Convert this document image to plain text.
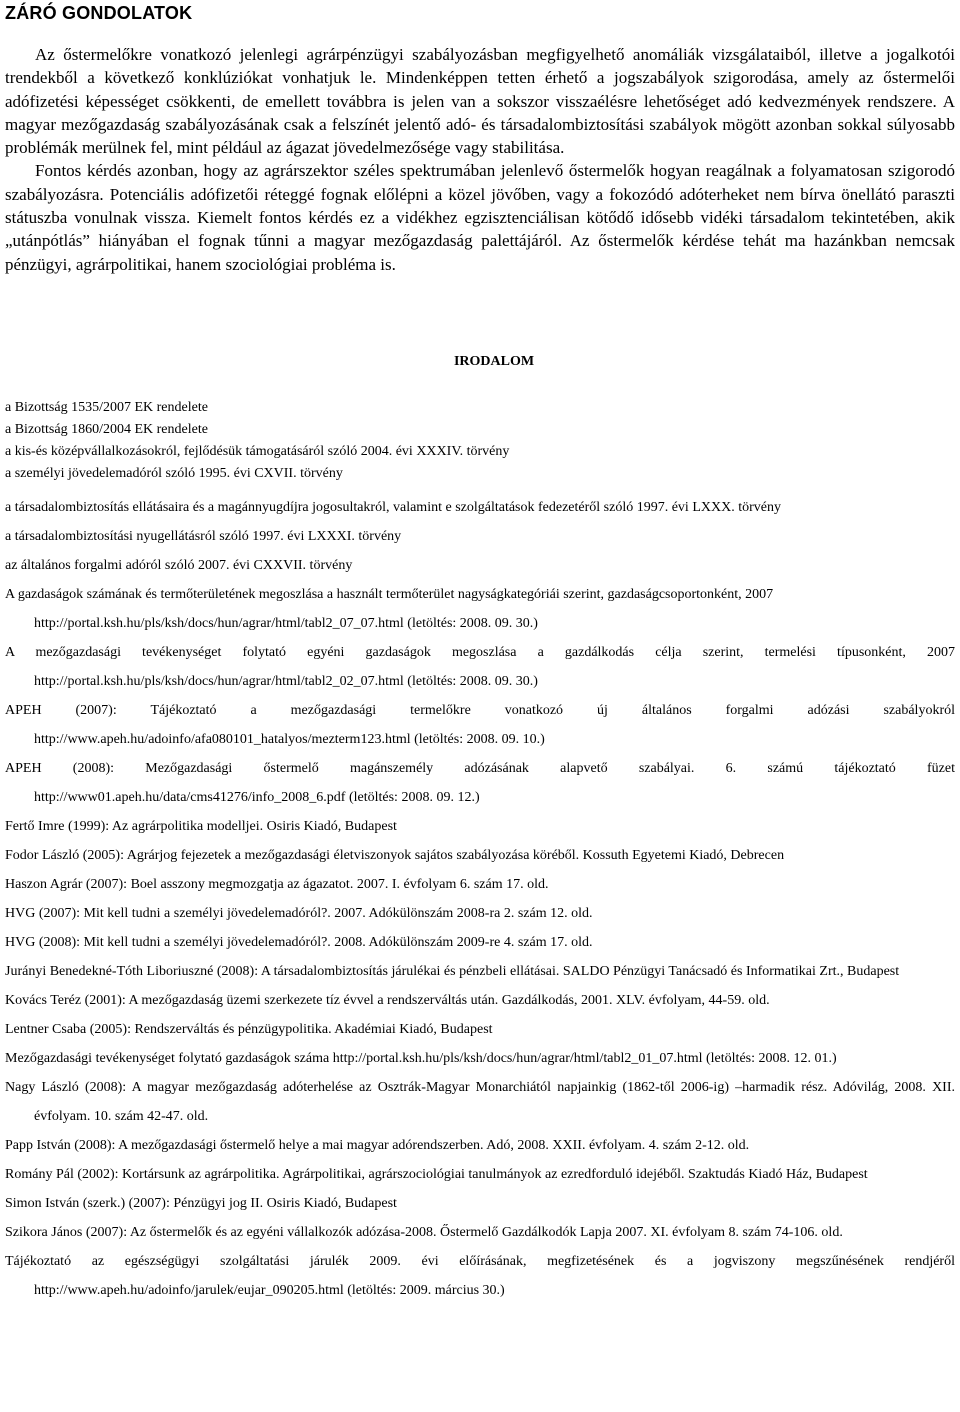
ZÁRÓ GONDOLATOK

Az őstermelőkre vonatkozó jelenlegi agrárpénzügyi szabályozásban megfigyelhető anomáliák vizsgálataiból, illetve a jogalkotói trendekből a következő konklúziókat vonhatjuk le. Mindenképpen tetten érhető a jogszabályok szigorodása, amely az őstermelői adófizetési képességet csökkenti, de emellett továbbra is jelen van a sokszor visszaélésre lehetőséget adó kedvezmények rendszere. A magyar mezőgazdaság szabályozásának csak a felszínét jelentő adó- és társadalombiztosítási szabályok mögött azonban sokkal súlyosabb problémák merülnek fel, mint például az ágazat jövedelmezősége vagy stabilitása.

Fontos kérdés azonban, hogy az agrárszektor széles spektrumában jelenlevő őstermelők hogyan reagálnak a folyamatosan szigorodó szabályozásra. Potenciális adófizetői réteggé fognak előlépni a közel jövőben, vagy a fokozódó adóterheket nem bírva önellátó paraszti státuszba vonulnak vissza. Kiemelt fontos kérdés ez a vidékhez egzisztenciálisan kötődő idősebb vidéki társadalom tekintetében, akik „utánpótlás” hiányában el fognak tűnni a magyar mezőgazdaság palettájáról. Az őstermelők kérdése tehát ma hazánkban nemcsak pénzügyi, agrárpolitikai, hanem szociológiai probléma is.

IRODALOM
a Bizottság 1535/2007 EK rendelete
a Bizottság 1860/2004 EK rendelete
a kis-és középvállalkozásokról, fejlődésük támogatásáról szóló 2004. évi XXXIV. törvény
a személyi jövedelemadóról szóló 1995. évi CXVII. törvény
a társadalombiztosítás ellátásaira és a magánnyugdíjra jogosultakról, valamint e szolgáltatások fedezetéről szóló 1997. évi LXXX. törvény
a társadalombiztosítási nyugellátásról szóló 1997. évi LXXXI. törvény
az általános forgalmi adóról szóló 2007. évi CXXVII. törvény
A gazdaságok számának és termőterületének megoszlása a használt termőterület nagyságkategóriái szerint, gazdaságcsoportonként, 2007
http://portal.ksh.hu/pls/ksh/docs/hun/agrar/html/tabl2_07_07.html (letöltés: 2008. 09. 30.)
A mezőgazdasági tevékenységet folytató egyéni gazdaságok megoszlása a gazdálkodás célja szerint, termelési típusonként, 2007
http://portal.ksh.hu/pls/ksh/docs/hun/agrar/html/tabl2_02_07.html (letöltés: 2008. 09. 30.)
APEH (2007): Tájékoztató a mezőgazdasági termelőkre vonatkozó új általános forgalmi adózási szabályokról
http://www.apeh.hu/adoinfo/afa080101_hatalyos/mezterm123.html (letöltés: 2008. 09. 10.)
APEH (2008): Mezőgazdasági őstermelő magánszemély adózásának alapvető szabályai. 6. számú tájékoztató füzet
http://www01.apeh.hu/data/cms41276/info_2008_6.pdf (letöltés: 2008. 09. 12.)
Fertő Imre (1999): Az agrárpolitika modelljei. Osiris Kiadó, Budapest
Fodor László (2005): Agrárjog fejezetek a mezőgazdasági életviszonyok sajátos szabályozása köréből. Kossuth Egyetemi Kiadó, Debrecen
Haszon Agrár (2007): Boel asszony megmozgatja az ágazatot. 2007. I. évfolyam 6. szám 17. old.
HVG (2007): Mit kell tudni a személyi jövedelemadóról?. 2007. Adókülönszám 2008-ra 2. szám 12. old.
HVG (2008): Mit kell tudni a személyi jövedelemadóról?. 2008. Adókülönszám 2009-re 4. szám 17. old.
Jurányi Benedekné-Tóth Liboriuszné (2008): A társadalombiztosítás járulékai és pénzbeli ellátásai. SALDO Pénzügyi Tanácsadó és Informatikai Zrt., Budapest
Kovács Teréz (2001): A mezőgazdaság üzemi szerkezete tíz évvel a rendszerváltás után. Gazdálkodás, 2001. XLV. évfolyam, 44-59. old.
Lentner Csaba (2005): Rendszerváltás és pénzügypolitika. Akadémiai Kiadó, Budapest
Mezőgazdasági tevékenységet folytató gazdaságok száma http://portal.ksh.hu/pls/ksh/docs/hun/agrar/html/tabl2_01_07.html (letöltés: 2008. 12. 01.)
Nagy László (2008): A magyar mezőgazdaság adóterhelése az Osztrák-Magyar Monarchiától napjainkig (1862-től 2006-ig) –harmadik rész. Adóvilág, 2008. XII. évfolyam. 10. szám 42-47. old.
Papp István (2008): A mezőgazdasági őstermelő helye a mai magyar adórendszerben. Adó, 2008. XXII. évfolyam. 4. szám 2-12. old.
Romány Pál (2002): Kortársunk az agrárpolitika. Agrárpolitikai, agrárszociológiai tanulmányok az ezredforduló idejéből. Szaktudás Kiadó Ház, Budapest
Simon István (szerk.) (2007): Pénzügyi jog II. Osiris Kiadó, Budapest
Szikora János (2007): Az őstermelők és az egyéni vállalkozók adózása-2008. Őstermelő Gazdálkodók Lapja 2007. XI. évfolyam 8. szám 74-106. old.
Tájékoztató az egészségügyi szolgáltatási járulék 2009. évi előírásának, megfizetésének és a jogviszony megszűnésének rendjéről
http://www.apeh.hu/adoinfo/jarulek/eujar_090205.html (letöltés: 2009. március 30.)
